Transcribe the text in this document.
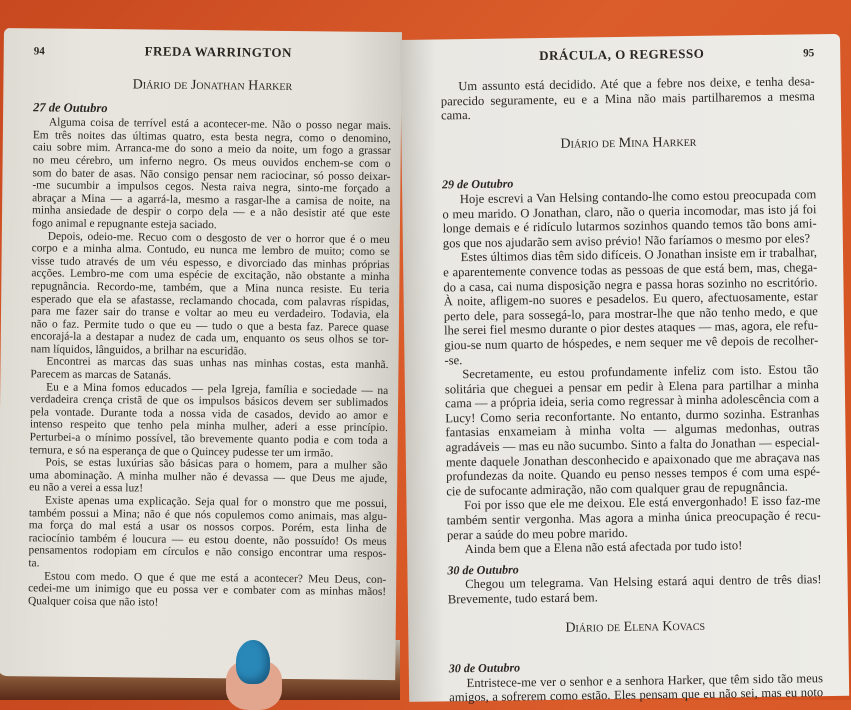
94	FREDA WARRINGTON
Diário de Jonathan Harker
27 de Outubro
Alguma coisa de terrível está a acontecer-me. Não o posso negar mais.
Em três noites das últimas quatro, esta besta negra, como o denomino,
caiu sobre mim. Arranca-me do sono a meio da noite, um fogo a grassar
no meu cérebro, um inferno negro. Os meus ouvidos enchem-se com o
som do bater de asas. Não consigo pensar nem raciocinar, só posso deixar-
-me sucumbir a impulsos cegos. Nesta raiva negra, sinto-me forçado a
abraçar a Mina — a agarrá-la, mesmo a rasgar-lhe a camisa de noite, na
minha ansiedade de despir o corpo dela — e a não desistir até que este
fogo animal e repugnante esteja saciado.
Depois, odeio-me. Recuo com o desgosto de ver o horror que é o meu
corpo e a minha alma. Contudo, eu nunca me lembro de muito; como se
visse tudo através de um véu espesso, e divorciado das minhas próprias
acções. Lembro-me com uma espécie de excitação, não obstante a minha
repugnância. Recordo-me, também, que a Mina nunca resiste. Eu teria
esperado que ela se afastasse, reclamando chocada, com palavras ríspidas,
para me fazer sair do transe e voltar ao meu eu verdadeiro. Todavia, ela
não o faz. Permite tudo o que eu — tudo o que a besta faz. Parece quase
encorajá-la a destapar a nudez de cada um, enquanto os seus olhos se tor-
nam líquidos, lânguidos, a brilhar na escuridão.
Encontrei as marcas das suas unhas nas minhas costas, esta manhã.
Parecem as marcas de Satanás.
Eu e a Mina fomos educados — pela Igreja, família e sociedade — na
verdadeira crença cristã de que os impulsos básicos devem ser sublimados
pela vontade. Durante toda a nossa vida de casados, devido ao amor e
intenso respeito que tenho pela minha mulher, aderi a esse princípio.
Perturbei-a o mínimo possível, tão brevemente quanto podia e com toda a
ternura, e só na esperança de que o Quincey pudesse ter um irmão.
Pois, se estas luxúrias são básicas para o homem, para a mulher são
uma abominação. A minha mulher não é devassa — que Deus me ajude,
eu não a verei a essa luz!
Existe apenas uma explicação. Seja qual for o monstro que me possui,
também possui a Mina; não é que nós copulemos como animais, mas algu-
ma força do mal está a usar os nossos corpos. Porém, esta linha de
raciocínio também é loucura — eu estou doente, não possuído! Os meus
pensamentos rodopiam em círculos e não consigo encontrar uma respos-
ta.
Estou com medo. O que é que me está a acontecer? Meu Deus, con-
cedei-me um inimigo que eu possa ver e combater com as minhas mãos!
Qualquer coisa que não isto!
DRÁCULA, O REGRESSO	95
Um assunto está decidido. Até que a febre nos deixe, e tenha desa-
parecido seguramente, eu e a Mina não mais partilharemos a mesma
cama.
Diário de Mina Harker
29 de Outubro
Hoje escrevi a Van Helsing contando-lhe como estou preocupada com
o meu marido. O Jonathan, claro, não o queria incomodar, mas isto já foi
longe demais e é ridículo lutarmos sozinhos quando temos tão bons ami-
gos que nos ajudarão sem aviso prévio! Não faríamos o mesmo por eles?
Estes últimos dias têm sido difíceis. O Jonathan insiste em ir trabalhar,
e aparentemente convence todas as pessoas de que está bem, mas, chega-
do a casa, cai numa disposição negra e passa horas sozinho no escritório.
À noite, afligem-no suores e pesadelos. Eu quero, afectuosamente, estar
perto dele, para sossegá-lo, para mostrar-lhe que não tenho medo, e que
lhe serei fiel mesmo durante o pior destes ataques — mas, agora, ele refu-
giou-se num quarto de hóspedes, e nem sequer me vê depois de recolher-
-se.
Secretamente, eu estou profundamente infeliz com isto. Estou tão
solitária que cheguei a pensar em pedir à Elena para partilhar a minha
cama — a própria ideia, seria como regressar à minha adolescência com a
Lucy! Como seria reconfortante. No entanto, durmo sozinha. Estranhas
fantasias enxameiam à minha volta — algumas medonhas, outras
agradáveis — mas eu não sucumbo. Sinto a falta do Jonathan — especial-
mente daquele Jonathan desconhecido e apaixonado que me abraçava nas
profundezas da noite. Quando eu penso nesses tempos é com uma espé-
cie de sufocante admiração, não com qualquer grau de repugnância.
Foi por isso que ele me deixou. Ele está envergonhado! E isso faz-me
também sentir vergonha. Mas agora a minha única preocupação é recu-
perar a saúde do meu pobre marido.
Ainda bem que a Elena não está afectada por tudo isto!
30 de Outubro
Chegou um telegrama. Van Helsing estará aqui dentro de três dias!
Brevemente, tudo estará bem.
Diário de Elena Kovacs
30 de Outubro
Entristece-me ver o senhor e a senhora Harker, que têm sido tão meus
amigos, a sofrerem como estão. Eles pensam que eu não sei, mas eu noto
